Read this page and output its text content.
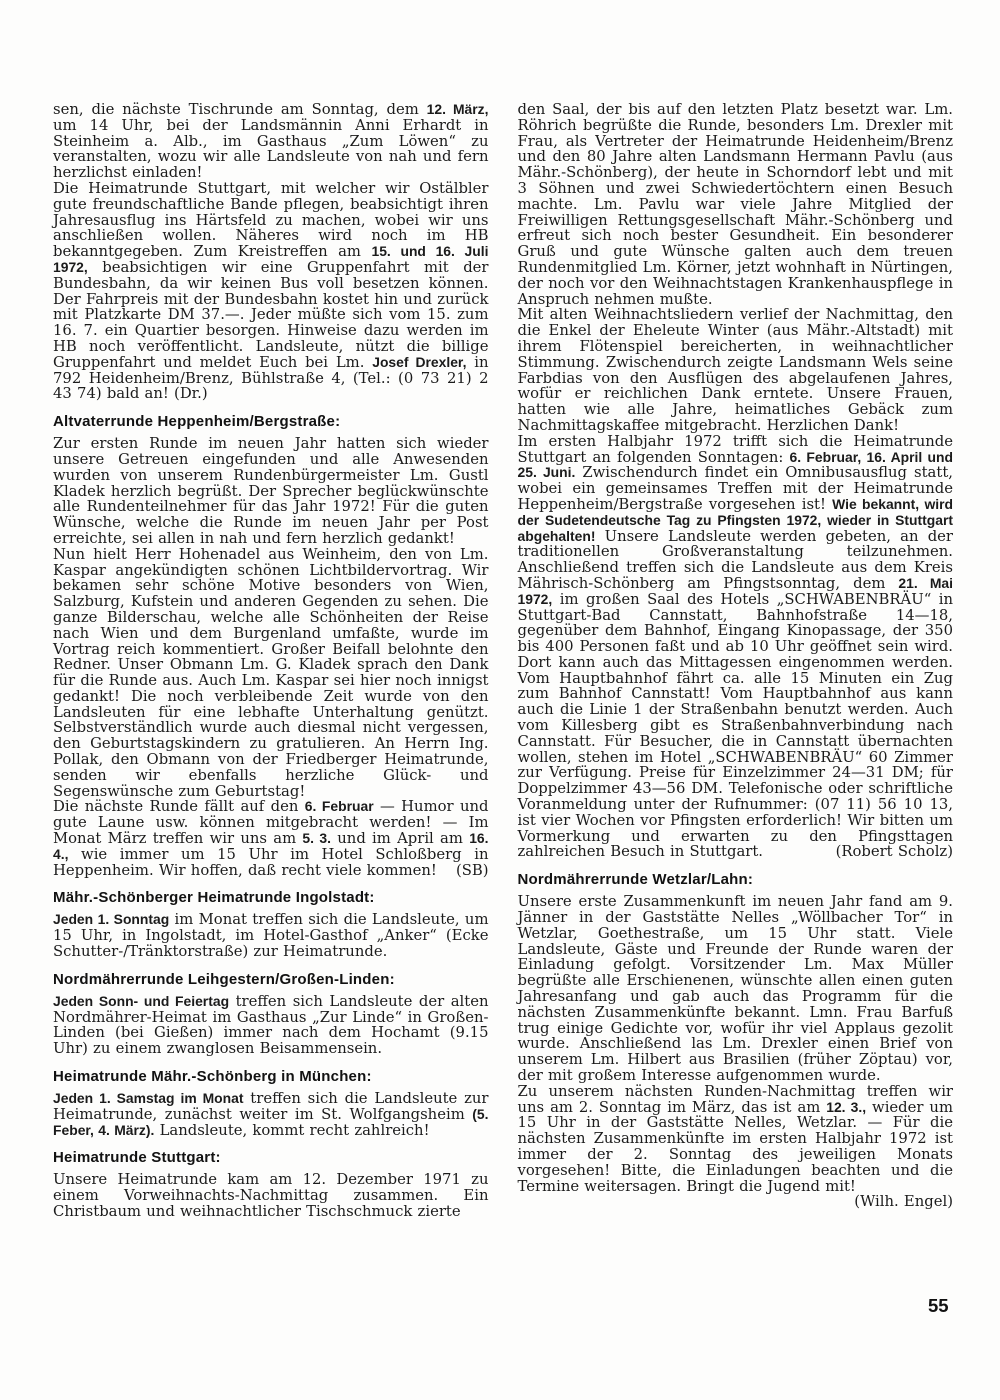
sen, die nächste Tischrunde am Sonntag, dem 12. März, um 14 Uhr, bei der Landsmännin Anni Erhardt in Steinheim a. Alb., im Gasthaus „Zum Löwen“ zu veranstalten, wozu wir alle Landsleute von nah und fern herzlichst einladen!

Die Heimatrunde Stuttgart, mit welcher wir Ostälbler gute freundschaftliche Bande pflegen, beabsichtigt ihren Jahresausflug ins Härtsfeld zu machen, wobei wir uns anschließen wollen. Näheres wird noch im HB bekanntgegeben. Zum Kreistreffen am 15. und 16. Juli 1972, beabsichtigen wir eine Gruppenfahrt mit der Bundesbahn, da wir keinen Bus voll besetzen können. Der Fahrpreis mit der Bundesbahn kostet hin und zurück mit Platzkarte DM 37.—. Jeder müßte sich vom 15. zum 16. 7. ein Quartier besorgen. Hinweise dazu werden im HB noch veröffentlicht. Landsleute, nützt die billige Gruppenfahrt und meldet Euch bei Lm. Josef Drexler, in 792 Heidenheim/Brenz, Bühlstraße 4, (Tel.: (0 73 21) 2 43 74) bald an! (Dr.)

Altvaterrunde Heppenheim/Bergstraße:

Zur ersten Runde im neuen Jahr hatten sich wieder unsere Getreuen eingefunden und alle Anwesenden wurden von unserem Rundenbürgermeister Lm. Gustl Kladek herzlich begrüßt. Der Sprecher beglückwünschte alle Rundenteilnehmer für das Jahr 1972! Für die guten Wünsche, welche die Runde im neuen Jahr per Post erreichte, sei allen in nah und fern herzlich gedankt!

Nun hielt Herr Hohenadel aus Weinheim, den von Lm. Kaspar angekündigten schönen Lichtbildervortrag. Wir bekamen sehr schöne Motive besonders von Wien, Salzburg, Kufstein und anderen Gegenden zu sehen. Die ganze Bilderschau, welche alle Schönheiten der Reise nach Wien und dem Burgenland umfaßte, wurde im Vortrag reich kommentiert. Großer Beifall belohnte den Redner. Unser Obmann Lm. G. Kladek sprach den Dank für die Runde aus. Auch Lm. Kaspar sei hier noch innigst gedankt! Die noch verbleibende Zeit wurde von den Landsleuten für eine lebhafte Unterhaltung genützt. Selbstverständlich wurde auch diesmal nicht vergessen, den Geburtstagskindern zu gratulieren. An Herrn Ing. Pollak, den Obmann von der Friedberger Heimatrunde, senden wir ebenfalls herzliche Glück- und Segenswünsche zum Geburtstag!

Die nächste Runde fällt auf den 6. Februar — Humor und gute Laune usw. können mitgebracht werden! — Im Monat März treffen wir uns am 5. 3. und im April am 16. 4., wie immer um 15 Uhr im Hotel Schloßberg in Heppenheim. Wir hoffen, daß recht viele kommen! (SB)

Mähr.-Schönberger Heimatrunde Ingolstadt:

Jeden 1. Sonntag im Monat treffen sich die Landsleute, um 15 Uhr, in Ingolstadt, im Hotel-Gasthof „Anker“ (Ecke Schutter-/Tränktorstraße) zur Heimatrunde.

Nordmährerrunde Leihgestern/Großen-Linden:

Jeden Sonn- und Feiertag treffen sich Landsleute der alten Nordmährer-Heimat im Gasthaus „Zur Linde“ in Großen-Linden (bei Gießen) immer nach dem Hochamt (9.15 Uhr) zu einem zwanglosen Beisammensein.

Heimatrunde Mähr.-Schönberg in München:

Jeden 1. Samstag im Monat treffen sich die Landsleute zur Heimatrunde, zunächst weiter im St. Wolfgangsheim (5. Feber, 4. März). Landsleute, kommt recht zahlreich!

Heimatrunde Stuttgart:

Unsere Heimatrunde kam am 12. Dezember 1971 zu einem Vorweihnachts-Nachmittag zusammen. Ein Christbaum und weihnachtlicher Tischschmuck zierte

den Saal, der bis auf den letzten Platz besetzt war. Lm. Röhrich begrüßte die Runde, besonders Lm. Drexler mit Frau, als Vertreter der Heimatrunde Heidenheim/Brenz und den 80 Jahre alten Landsmann Hermann Pavlu (aus Mähr.-Schönberg), der heute in Schorndorf lebt und mit 3 Söhnen und zwei Schwiedertöchtern einen Besuch machte. Lm. Pavlu war viele Jahre Mitglied der Freiwilligen Rettungsgesellschaft Mähr.-Schönberg und erfreut sich noch bester Gesundheit. Ein besonderer Gruß und gute Wünsche galten auch dem treuen Rundenmitglied Lm. Körner, jetzt wohnhaft in Nürtingen, der noch vor den Weihnachtstagen Krankenhauspflege in Anspruch nehmen mußte.

Mit alten Weihnachtsliedern verlief der Nachmittag, den die Enkel der Eheleute Winter (aus Mähr.-Altstadt) mit ihrem Flötenspiel bereicherten, in weihnachtlicher Stimmung. Zwischendurch zeigte Landsmann Wels seine Farbdias von den Ausflügen des abgelaufenen Jahres, wofür er reichlichen Dank erntete. Unsere Frauen, hatten wie alle Jahre, heimatliches Gebäck zum Nachmittagskaffee mitgebracht. Herzlichen Dank!

Im ersten Halbjahr 1972 trifft sich die Heimatrunde Stuttgart an folgenden Sonntagen: 6. Februar, 16. April und 25. Juni. Zwischendurch findet ein Omnibusausflug statt, wobei ein gemeinsames Treffen mit der Heimatrunde Heppenheim/Bergstraße vorgesehen ist! Wie bekannt, wird der Sudetendeutsche Tag zu Pfingsten 1972, wieder in Stuttgart abgehalten! Unsere Landsleute werden gebeten, an der traditionellen Großveranstaltung teilzunehmen. Anschließend treffen sich die Landsleute aus dem Kreis Mährisch-Schönberg am Pfingstsonntag, dem 21. Mai 1972, im großen Saal des Hotels „SCHWABENBRÄU“ in Stuttgart-Bad Cannstatt, Bahnhofstraße 14—18, gegenüber dem Bahnhof, Eingang Kinopassage, der 350 bis 400 Personen faßt und ab 10 Uhr geöffnet sein wird. Dort kann auch das Mittagessen eingenommen werden. Vom Hauptbahnhof fährt ca. alle 15 Minuten ein Zug zum Bahnhof Cannstatt! Vom Hauptbahnhof aus kann auch die Linie 1 der Straßenbahn benutzt werden. Auch vom Killesberg gibt es Straßenbahnverbindung nach Cannstatt. Für Besucher, die in Cannstatt übernachten wollen, stehen im Hotel „SCHWABENBRÄU“ 60 Zimmer zur Verfügung. Preise für Einzelzimmer 24—31 DM; für Doppelzimmer 43—56 DM. Telefonische oder schriftliche Voranmeldung unter der Rufnummer: (07 11) 56 10 13, ist vier Wochen vor Pfingsten erforderlich! Wir bitten um Vormerkung und erwarten zu den Pfingsttagen zahlreichen Besuch in Stuttgart.	(Robert Scholz)

Nordmährerrunde Wetzlar/Lahn:

Unsere erste Zusammenkunft im neuen Jahr fand am 9. Jänner in der Gaststätte Nelles „Wöllbacher Tor“ in Wetzlar, Goethestraße, um 15 Uhr statt. Viele Landsleute, Gäste und Freunde der Runde waren der Einladung gefolgt. Vorsitzender Lm. Max Müller begrüßte alle Erschienenen, wünschte allen einen guten Jahresanfang und gab auch das Programm für die nächsten Zusammenkünfte bekannt. Lmn. Frau Barfuß trug einige Gedichte vor, wofür ihr viel Applaus gezolit wurde. Anschließend las Lm. Drexler einen Brief von unserem Lm. Hilbert aus Brasilien (früher Zöptau) vor, der mit großem Interesse aufgenommen wurde.

Zu unserem nächsten Runden-Nachmittag treffen wir uns am 2. Sonntag im März, das ist am 12. 3., wieder um 15 Uhr in der Gaststätte Nelles, Wetzlar. — Für die nächsten Zusammenkünfte im ersten Halbjahr 1972 ist immer der 2. Sonntag des jeweiligen Monats vorgesehen! Bitte, die Einladungen beachten und die Termine weitersagen. Bringt die Jugend mit!

(Wilh. Engel)

55
